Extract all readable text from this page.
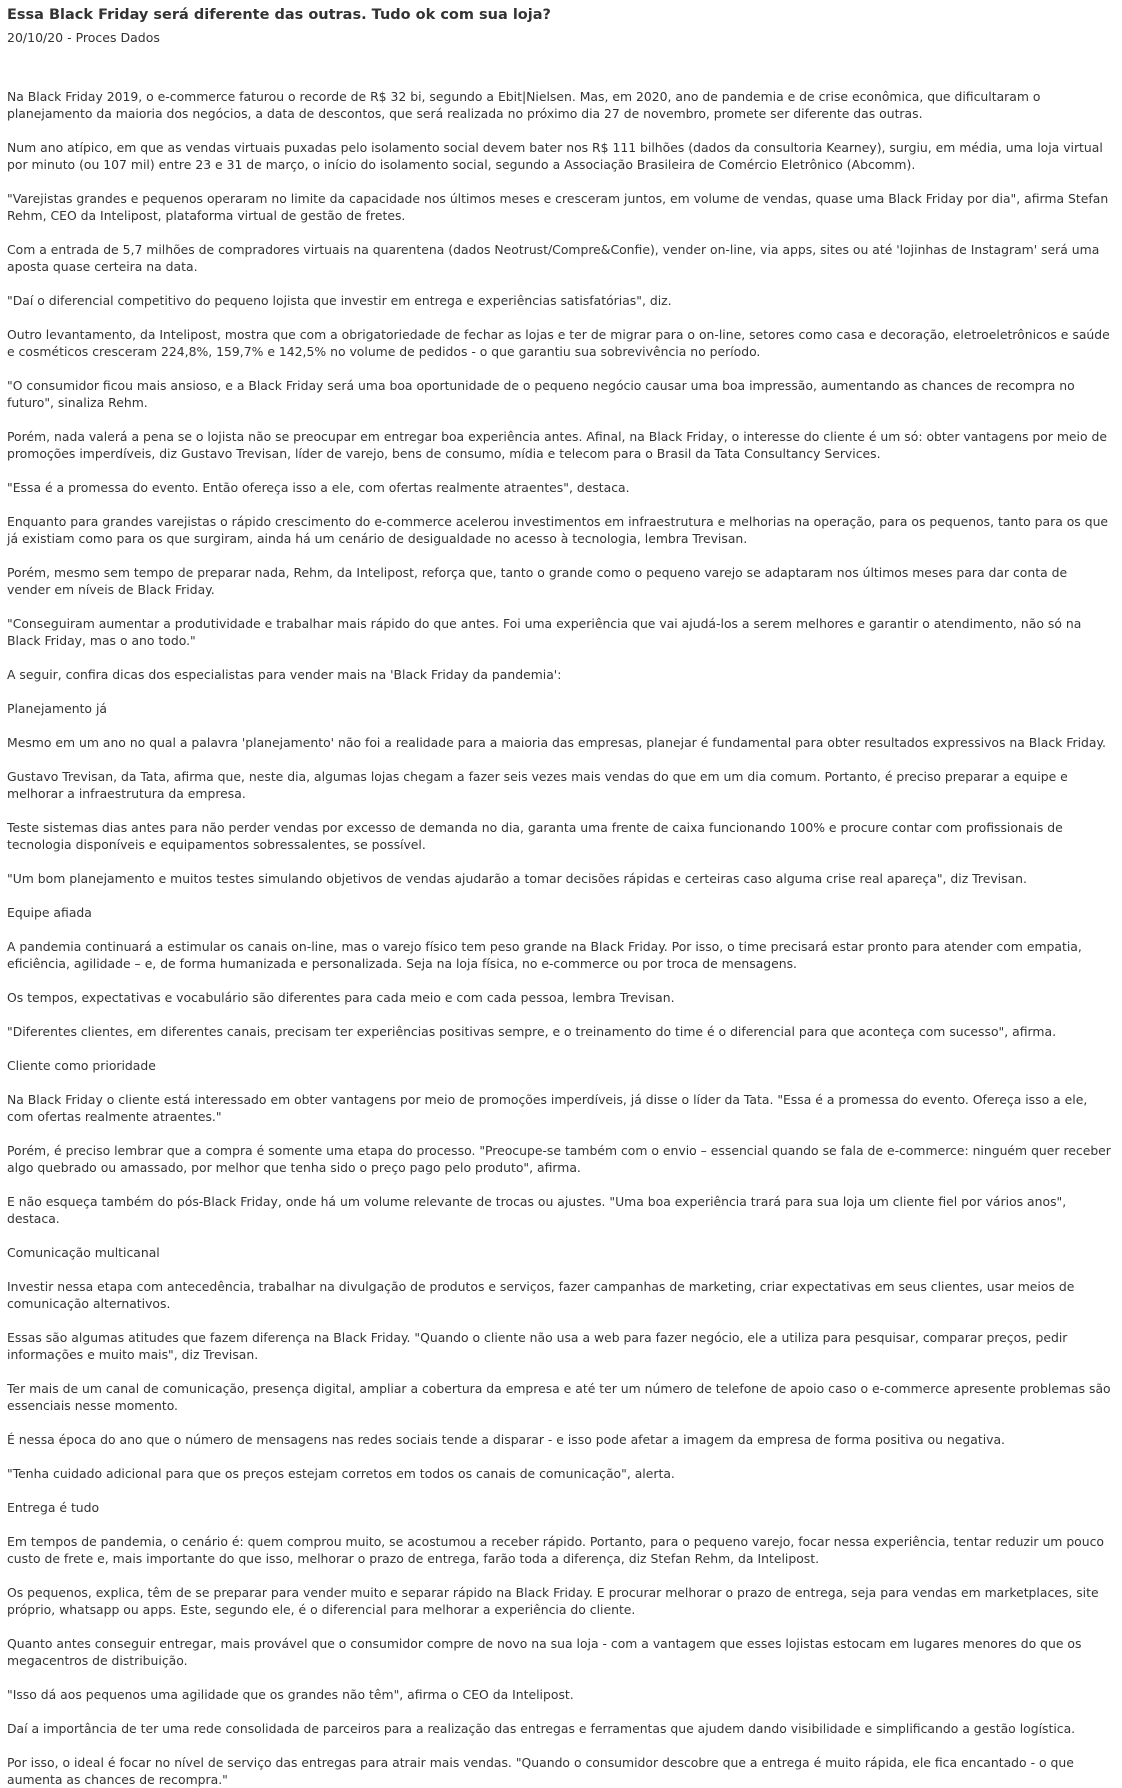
Essa Black Friday será diferente das outras. Tudo ok com sua loja?
20/10/20 - Proces Dados

Na Black Friday 2019, o e-commerce faturou o recorde de R$ 32 bi, segundo a Ebit|Nielsen. Mas, em 2020, ano de pandemia e de crise econômica, que dificultaram o planejamento da maioria dos negócios, a data de descontos, que será realizada no próximo dia 27 de novembro, promete ser diferente das outras.

Num ano atípico, em que as vendas virtuais puxadas pelo isolamento social devem bater nos R$ 111 bilhões (dados da consultoria Kearney), surgiu, em média, uma loja virtual por minuto (ou 107 mil) entre 23 e 31 de março, o início do isolamento social, segundo a Associação Brasileira de Comércio Eletrônico (Abcomm).

"Varejistas grandes e pequenos operaram no limite da capacidade nos últimos meses e cresceram juntos, em volume de vendas, quase uma Black Friday por dia", afirma Stefan Rehm, CEO da Intelipost, plataforma virtual de gestão de fretes.

Com a entrada de 5,7 milhões de compradores virtuais na quarentena (dados Neotrust/Compre&Confie), vender on-line, via apps, sites ou até 'lojinhas de Instagram' será uma aposta quase certeira na data.

"Daí o diferencial competitivo do pequeno lojista que investir em entrega e experiências satisfatórias", diz.

Outro levantamento, da Intelipost, mostra que com a obrigatoriedade de fechar as lojas e ter de migrar para o on-line, setores como casa e decoração, eletroeletrônicos e saúde e cosméticos cresceram 224,8%, 159,7% e 142,5% no volume de pedidos - o que garantiu sua sobrevivência no período.

"O consumidor ficou mais ansioso, e a Black Friday será uma boa oportunidade de o pequeno negócio causar uma boa impressão, aumentando as chances de recompra no futuro", sinaliza Rehm.

Porém, nada valerá a pena se o lojista não se preocupar em entregar boa experiência antes. Afinal, na Black Friday, o interesse do cliente é um só: obter vantagens por meio de promoções imperdíveis, diz Gustavo Trevisan, líder de varejo, bens de consumo, mídia e telecom para o Brasil da Tata Consultancy Services.

"Essa é a promessa do evento. Então ofereça isso a ele, com ofertas realmente atraentes", destaca.

Enquanto para grandes varejistas o rápido crescimento do e-commerce acelerou investimentos em infraestrutura e melhorias na operação, para os pequenos, tanto para os que já existiam como para os que surgiram, ainda há um cenário de desigualdade no acesso à tecnologia, lembra Trevisan.

Porém, mesmo sem tempo de preparar nada, Rehm, da Intelipost, reforça que, tanto o grande como o pequeno varejo se adaptaram nos últimos meses para dar conta de vender em níveis de Black Friday.

"Conseguiram aumentar a produtividade e trabalhar mais rápido do que antes. Foi uma experiência que vai ajudá-los a serem melhores e garantir o atendimento, não só na Black Friday, mas o ano todo."

A seguir, confira dicas dos especialistas para vender mais na 'Black Friday da pandemia':

Planejamento já

Mesmo em um ano no qual a palavra 'planejamento' não foi a realidade para a maioria das empresas, planejar é fundamental para obter resultados expressivos na Black Friday.

Gustavo Trevisan, da Tata, afirma que, neste dia, algumas lojas chegam a fazer seis vezes mais vendas do que em um dia comum. Portanto, é preciso preparar a equipe e melhorar a infraestrutura da empresa.

Teste sistemas dias antes para não perder vendas por excesso de demanda no dia, garanta uma frente de caixa funcionando 100% e procure contar com profissionais de tecnologia disponíveis e equipamentos sobressalentes, se possível.

"Um bom planejamento e muitos testes simulando objetivos de vendas ajudarão a tomar decisões rápidas e certeiras caso alguma crise real apareça", diz Trevisan.

Equipe afiada

A pandemia continuará a estimular os canais on-line, mas o varejo físico tem peso grande na Black Friday. Por isso, o time precisará estar pronto para atender com empatia, eficiência, agilidade – e, de forma humanizada e personalizada. Seja na loja física, no e-commerce ou por troca de mensagens.

Os tempos, expectativas e vocabulário são diferentes para cada meio e com cada pessoa, lembra Trevisan.

"Diferentes clientes, em diferentes canais, precisam ter experiências positivas sempre, e o treinamento do time é o diferencial para que aconteça com sucesso", afirma.

Cliente como prioridade

Na Black Friday o cliente está interessado em obter vantagens por meio de promoções imperdíveis, já disse o líder da Tata. "Essa é a promessa do evento. Ofereça isso a ele, com ofertas realmente atraentes."

Porém, é preciso lembrar que a compra é somente uma etapa do processo. "Preocupe-se também com o envio – essencial quando se fala de e-commerce: ninguém quer receber algo quebrado ou amassado, por melhor que tenha sido o preço pago pelo produto", afirma.

E não esqueça também do pós-Black Friday, onde há um volume relevante de trocas ou ajustes. "Uma boa experiência trará para sua loja um cliente fiel por vários anos", destaca.

Comunicação multicanal

Investir nessa etapa com antecedência, trabalhar na divulgação de produtos e serviços, fazer campanhas de marketing, criar expectativas em seus clientes, usar meios de comunicação alternativos.

Essas são algumas atitudes que fazem diferença na Black Friday. "Quando o cliente não usa a web para fazer negócio, ele a utiliza para pesquisar, comparar preços, pedir informações e muito mais", diz Trevisan.

Ter mais de um canal de comunicação, presença digital, ampliar a cobertura da empresa e até ter um número de telefone de apoio caso o e-commerce apresente problemas são essenciais nesse momento.

É nessa época do ano que o número de mensagens nas redes sociais tende a disparar - e isso pode afetar a imagem da empresa de forma positiva ou negativa.

"Tenha cuidado adicional para que os preços estejam corretos em todos os canais de comunicação", alerta.

Entrega é tudo

Em tempos de pandemia, o cenário é: quem comprou muito, se acostumou a receber rápido. Portanto, para o pequeno varejo, focar nessa experiência, tentar reduzir um pouco custo de frete e, mais importante do que isso, melhorar o prazo de entrega, farão toda a diferença, diz Stefan Rehm, da Intelipost.

Os pequenos, explica, têm de se preparar para vender muito e separar rápido na Black Friday. E procurar melhorar o prazo de entrega, seja para vendas em marketplaces, site próprio, whatsapp ou apps. Este, segundo ele, é o diferencial para melhorar a experiência do cliente.

Quanto antes conseguir entregar, mais provável que o consumidor compre de novo na sua loja - com a vantagem que esses lojistas estocam em lugares menores do que os megacentros de distribuição.

"Isso dá aos pequenos uma agilidade que os grandes não têm", afirma o CEO da Intelipost.

Daí a importância de ter uma rede consolidada de parceiros para a realização das entregas e ferramentas que ajudem dando visibilidade e simplificando a gestão logística.

Por isso, o ideal é focar no nível de serviço das entregas para atrair mais vendas. "Quando o consumidor descobre que a entrega é muito rápida, ele fica encantado - o que aumenta as chances de recompra."
